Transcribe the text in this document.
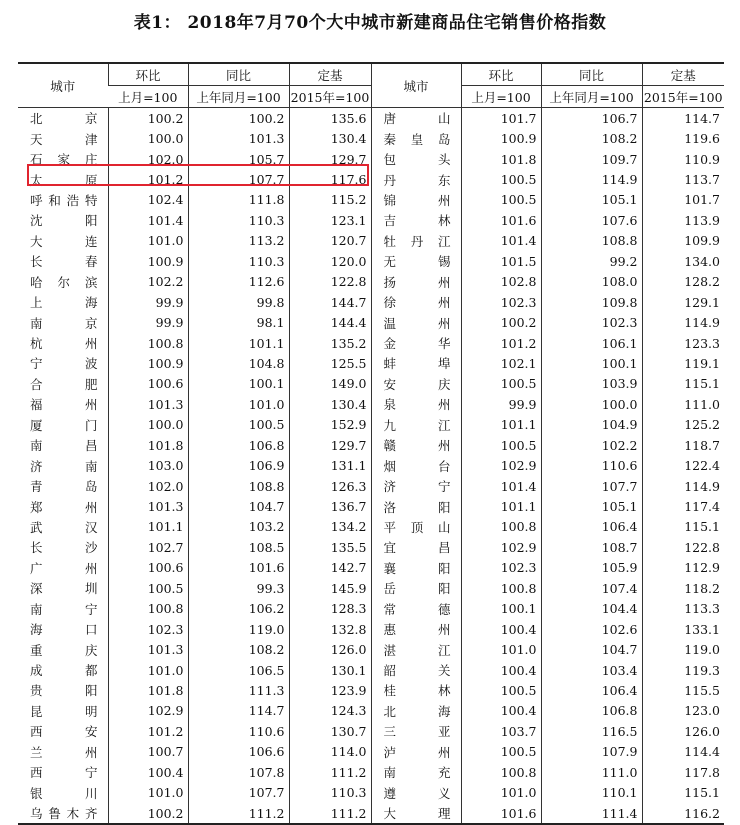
表1： 2018年7月70个大中城市新建商品住宅销售价格指数
城市	环比	同比	定基	城市	环比	同比	定基
	上月=100	上年同月=100	2015年=100		上月=100	上年同月=100	2015年=100
北京	100.2	100.2	135.6	唐山	101.7	106.7	114.7
天津	100.0	101.3	130.4	秦皇岛	100.9	108.2	119.6
石家庄	102.0	105.7	129.7	包头	101.8	109.7	110.9
太原	101.2	107.7	117.6	丹东	100.5	114.9	113.7
呼和浩特	102.4	111.8	115.2	锦州	100.5	105.1	101.7
沈阳	101.4	110.3	123.1	吉林	101.6	107.6	113.9
大连	101.0	113.2	120.7	牡丹江	101.4	108.8	109.9
长春	100.9	110.3	120.0	无锡	101.5	99.2	134.0
哈尔滨	102.2	112.6	122.8	扬州	102.8	108.0	128.2
上海	99.9	99.8	144.7	徐州	102.3	109.8	129.1
南京	99.9	98.1	144.4	温州	100.2	102.3	114.9
杭州	100.8	101.1	135.2	金华	101.2	106.1	123.3
宁波	100.9	104.8	125.5	蚌埠	102.1	100.1	119.1
合肥	100.6	100.1	149.0	安庆	100.5	103.9	115.1
福州	101.3	101.0	130.4	泉州	99.9	100.0	111.0
厦门	100.0	100.5	152.9	九江	101.1	104.9	125.2
南昌	101.8	106.8	129.7	赣州	100.5	102.2	118.7
济南	103.0	106.9	131.1	烟台	102.9	110.6	122.4
青岛	102.0	108.8	126.3	济宁	101.4	107.7	114.9
郑州	101.3	104.7	136.7	洛阳	101.1	105.1	117.4
武汉	101.1	103.2	134.2	平顶山	100.8	106.4	115.1
长沙	102.7	108.5	135.5	宜昌	102.9	108.7	122.8
广州	100.6	101.6	142.7	襄阳	102.3	105.9	112.9
深圳	100.5	99.3	145.9	岳阳	100.8	107.4	118.2
南宁	100.8	106.2	128.3	常德	100.1	104.4	113.3
海口	102.3	119.0	132.8	惠州	100.4	102.6	133.1
重庆	101.3	108.2	126.0	湛江	101.0	104.7	119.0
成都	101.0	106.5	130.1	韶关	100.4	103.4	119.3
贵阳	101.8	111.3	123.9	桂林	100.5	106.4	115.5
昆明	102.9	114.7	124.3	北海	100.4	106.8	123.0
西安	101.2	110.6	130.7	三亚	103.7	116.5	126.0
兰州	100.7	106.6	114.0	泸州	100.5	107.9	114.4
西宁	100.4	107.8	111.2	南充	100.8	111.0	117.8
银川	101.0	107.7	110.3	遵义	101.0	110.1	115.1
乌鲁木齐	100.2	111.2	111.2	大理	101.6	111.4	116.2
